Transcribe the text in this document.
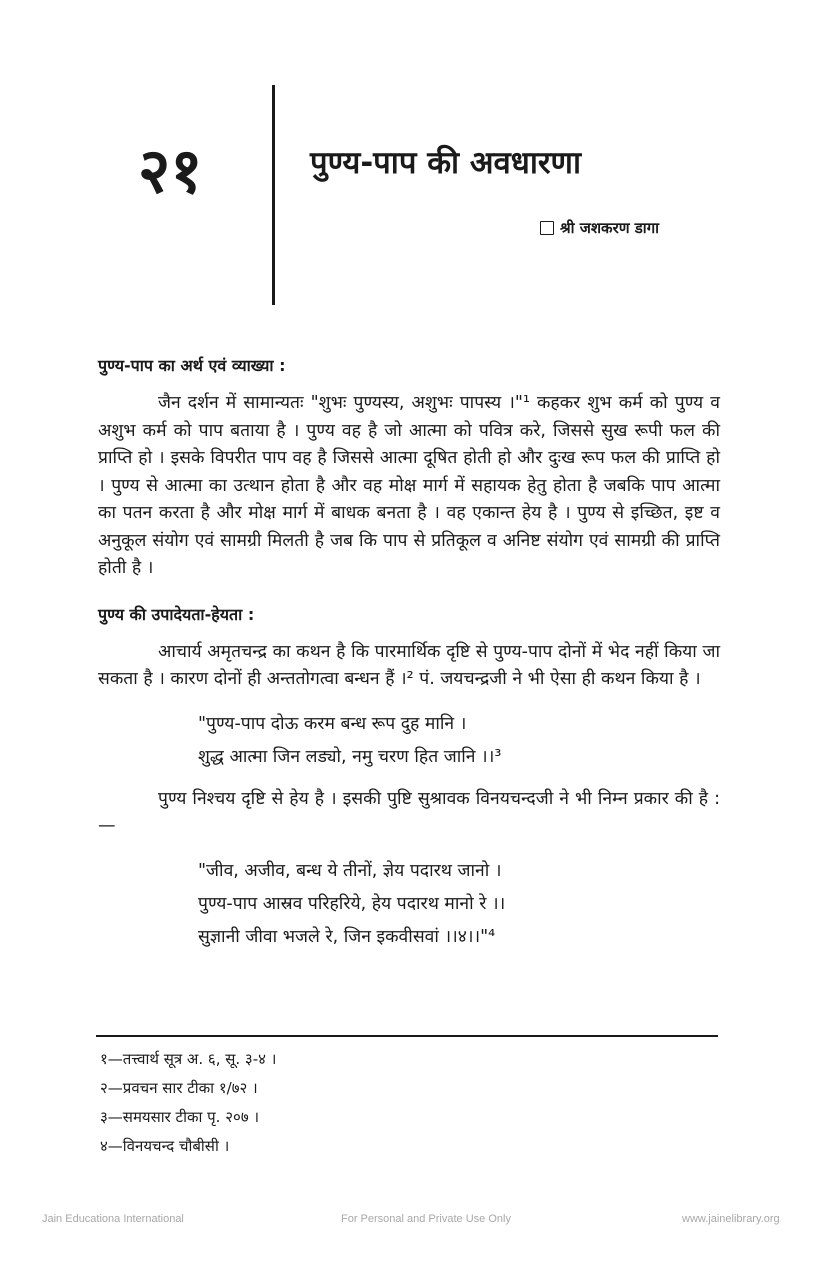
२१	पुण्य-पाप की अवधारणा
श्री जशकरण डागा
पुण्य-पाप का अर्थ एवं व्याख्या :

जैन दर्शन में सामान्यतः "शुभः पुण्यस्य, अशुभः पापस्य ।"¹ कहकर शुभ कर्म को पुण्य व अशुभ कर्म को पाप बताया है । पुण्य वह है जो आत्मा को पवित्र करे, जिससे सुख रूपी फल की प्राप्ति हो । इसके विपरीत पाप वह है जिससे आत्मा दूषित होती हो और दुःख रूप फल की प्राप्ति हो । पुण्य से आत्मा का उत्थान होता है और वह मोक्ष मार्ग में सहायक हेतु होता है जबकि पाप आत्मा का पतन करता है और मोक्ष मार्ग में बाधक बनता है । वह एकान्त हेय है । पुण्य से इच्छित, इष्ट व अनुकूल संयोग एवं सामग्री मिलती है जब कि पाप से प्रतिकूल व अनिष्ट संयोग एवं सामग्री की प्राप्ति होती है ।

पुण्य की उपादेयता-हेयता :

आचार्य अमृतचन्द्र का कथन है कि पारमार्थिक दृष्टि से पुण्य-पाप दोनों में भेद नहीं किया जा सकता है । कारण दोनों ही अन्ततोगत्वा बन्धन हैं ।² पं. जयचन्द्रजी ने भी ऐसा ही कथन किया है ।

"पुण्य-पाप दोऊ करम बन्ध रूप दुह मानि ।
शुद्ध आत्मा जिन लड्यो, नमु चरण हित जानि ।।³

पुण्य निश्चय दृष्टि से हेय है । इसकी पुष्टि सुश्रावक विनयचन्दजी ने भी निम्न प्रकार की है :—

"जीव, अजीव, बन्ध ये तीनों, ज्ञेय पदारथ जानो ।
पुण्य-पाप आस्रव परिहरिये, हेय पदारथ मानो रे ।।
सुज्ञानी जीवा भजले रे, जिन इकवीसवां ।।४।।"⁴
१—तत्त्वार्थ सूत्र अ. ६, सू. ३-४ ।
२—प्रवचन सार टीका १/७२ ।
३—समयसार टीका पृ. २०७ ।
४—विनयचन्द चौबीसी ।
Jain Educationa International	For Personal and Private Use Only	www.jainelibrary.org
